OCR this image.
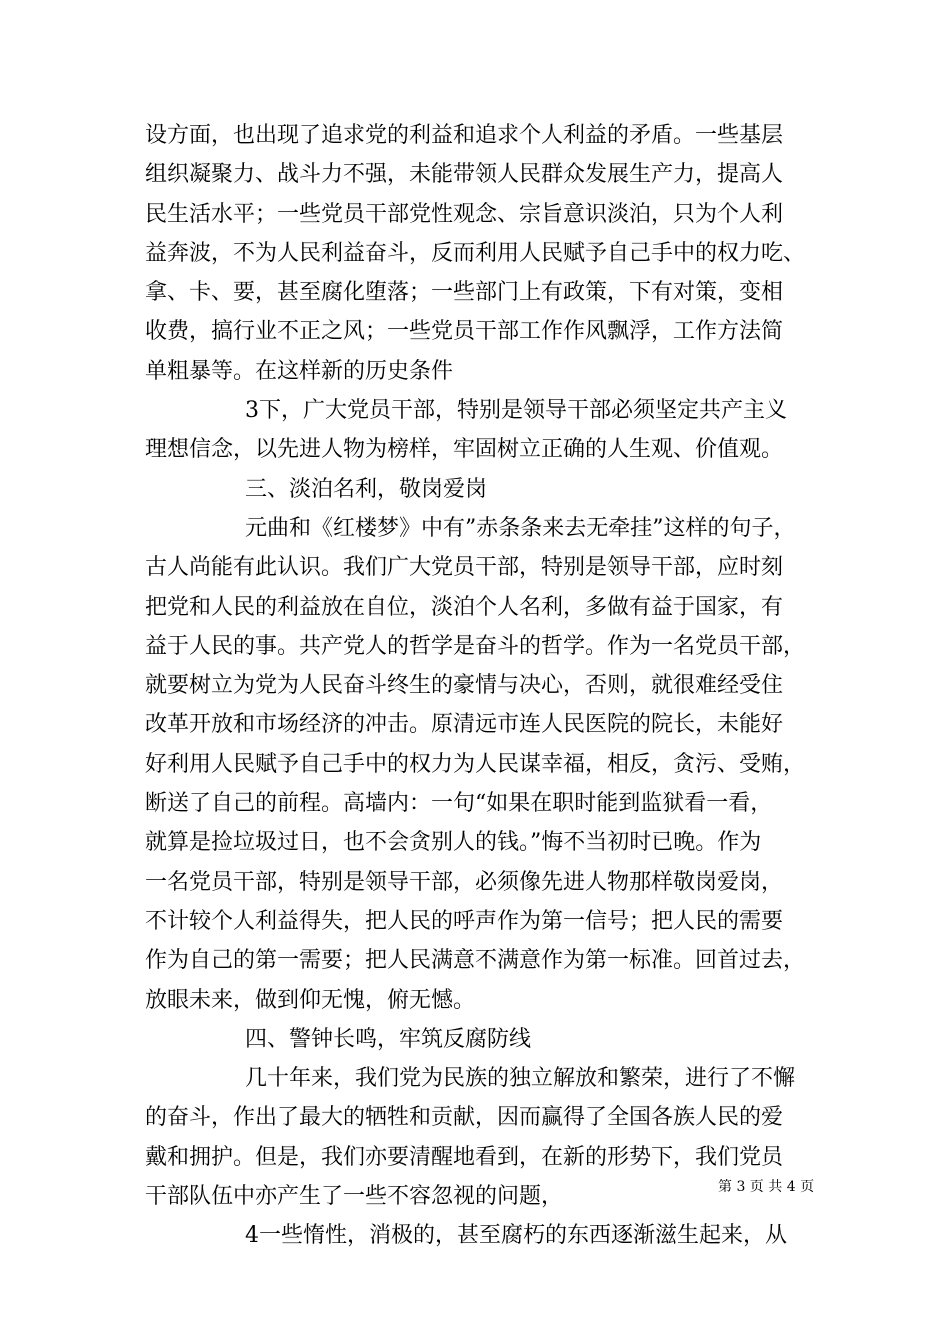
设方面，也出现了追求党的利益和追求个人利益的矛盾。一些基层
组织凝聚力、战斗力不强，未能带领人民群众发展生产力，提高人
民生活水平；一些党员干部党性观念、宗旨意识淡泊，只为个人利
益奔波，不为人民利益奋斗，反而利用人民赋予自己手中的权力吃、
拿、卡、要，甚至腐化堕落；一些部门上有政策，下有对策，变相
收费，搞行业不正之风；一些党员干部工作作风飘浮，工作方法简
单粗暴等。在这样新的历史条件
3下，广大党员干部，特别是领导干部必须坚定共产主义
理想信念，以先进人物为榜样，牢固树立正确的人生观、价值观。
三、淡泊名利，敬岗爱岗
元曲和《红楼梦》中有”赤条条来去无牵挂”这样的句子，
古人尚能有此认识。我们广大党员干部，特别是领导干部，应时刻
把党和人民的利益放在自位，淡泊个人名利，多做有益于国家，有
益于人民的事。共产党人的哲学是奋斗的哲学。作为一名党员干部，
就要树立为党为人民奋斗终生的豪情与决心，否则，就很难经受住
改革开放和市场经济的冲击。原清远市连人民医院的院长，未能好
好利用人民赋予自己手中的权力为人民谋幸福，相反，贪污、受贿，
断送了自己的前程。高墙内：一句“如果在职时能到监狱看一看，
就算是捡垃圾过日，也不会贪别人的钱。”悔不当初时已晚。作为
一名党员干部，特别是领导干部，必须像先进人物那样敬岗爱岗，
不计较个人利益得失，把人民的呼声作为第一信号；把人民的需要
作为自己的第一需要；把人民满意不满意作为第一标准。回首过去，
放眼未来，做到仰无愧，俯无憾。
四、警钟长鸣，牢筑反腐防线
几十年来，我们党为民族的独立解放和繁荣，进行了不懈
的奋斗，作出了最大的牺牲和贡献，因而赢得了全国各族人民的爱
戴和拥护。但是，我们亦要清醒地看到，在新的形势下，我们党员
干部队伍中亦产生了一些不容忽视的问题，
4一些惰性，消极的，甚至腐朽的东西逐渐滋生起来，从
第 3 页 共 4 页
